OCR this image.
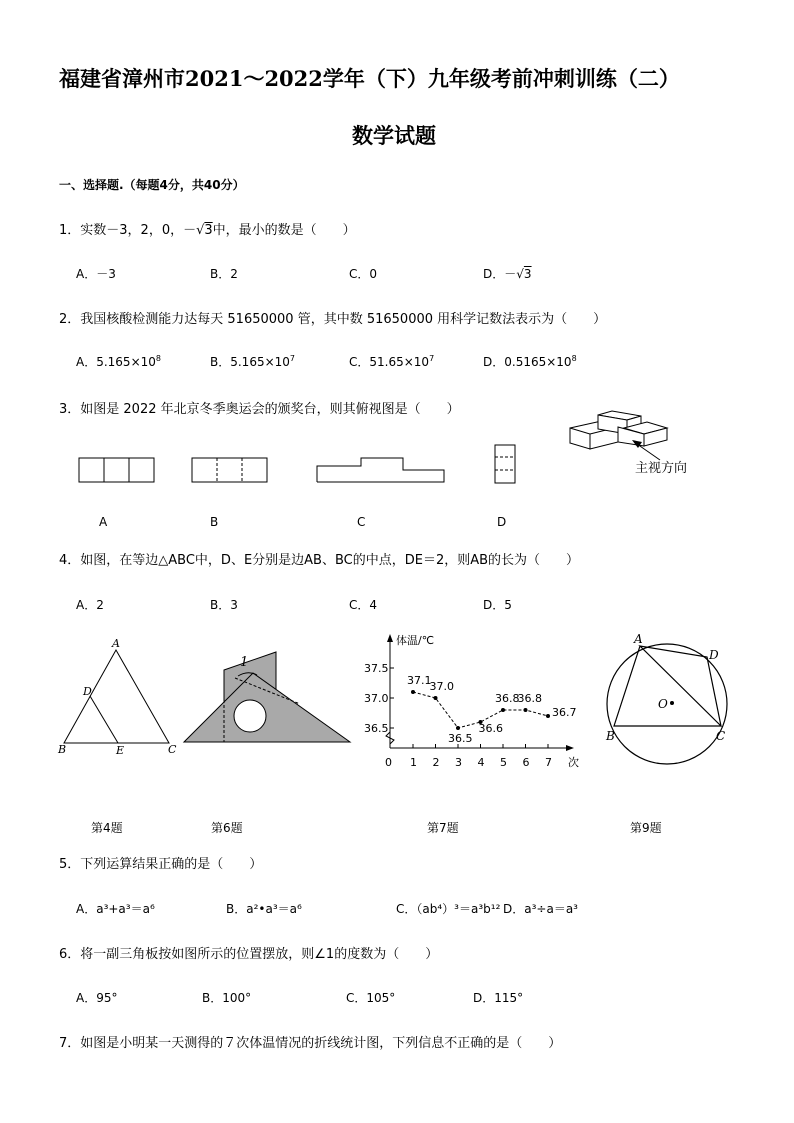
福建省漳州市2021～2022学年（下）九年级考前冲刺训练（二）
数学试题
一、选择题.（每题4分，共40分）
1．实数－3，2，0，－√3中，最小的数是（　　）
A．－3	B．2	C．0	D．－√3
2．我国核酸检测能力达每天 51650000 管，其中数 51650000 用科学记数法表示为（　　）
A．$5.165\times 10^8$	B．$5.165\times 10^7$	C．$51.65\times 10^7$	D．$0.5165\times 10^8$
3．如图是 2022 年北京冬季奥运会的颁奖台，则其俯视图是（　　）
主视方向
A	B	C	D
4．如图，在等边△ABC中，D、E分别是边AB、BC的中点，DE＝2，则AB的长为（　　）
A．2	B．3	C．4	D．5
A
D
B	E	C
1
体温/℃
次
36.5
37.0
37.5
0 1 2 3 4 5 6 7
37.1
37.0
36.5
36.6
36.8
36.8
36.7
A
D
O
B	C
第4题	第6题	第7题	第9题
5．下列运算结果正确的是（　　）
A．a³+a³＝a⁶	B．a²•a³＝a⁶	C．（ab⁴）³＝a³b¹² D．a³÷a＝a³
6．将一副三角板按如图所示的位置摆放，则∠1的度数为（　　）
A．95°	B．100°	C．105°	D．115°
7．如图是小明某一天测得的７次体温情况的折线统计图，下列信息不正确的是（　　）
